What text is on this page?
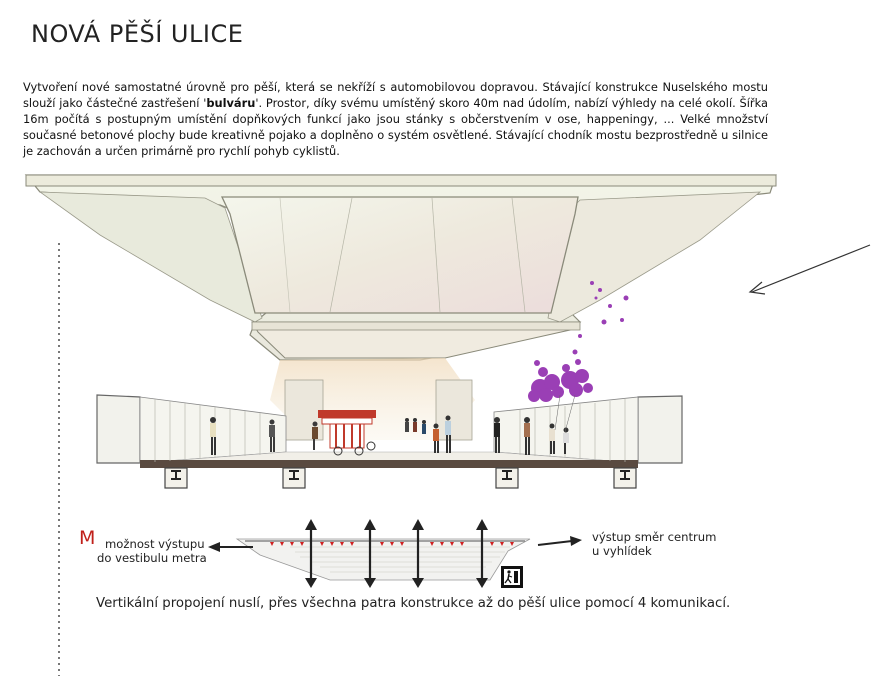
NOVÁ PĚŠÍ ULICE
Vytvoření nové samostatné úrovně pro pěší, která se nekříží s automobilovou dopravou. Stávající konstrukce Nuselského mostu slouží jako částečné zastřešení 'bulváru'. Prostor, díky svému umístěný skoro 40m nad údolím, nabízí výhledy na celé okolí. Šířka 16m počítá s postupným umístění dopňkových funkcí jako jsou stánky s občerstvením v ose, happeningy, ... Velké množství současné betonové plochy bude kreativně pojako a doplněno o systém osvětlené. Stávající chodník mostu bezprostředně u silnice je zachován a určen primárně pro rychlí pohyb cyklistů.
M možnost výstupu
do vestibulu metra
výstup směr centrum
u vyhlídek
Vertikální propojení nuslí, přes všechna patra konstrukce až do pěší ulice pomocí 4 komunikací.
